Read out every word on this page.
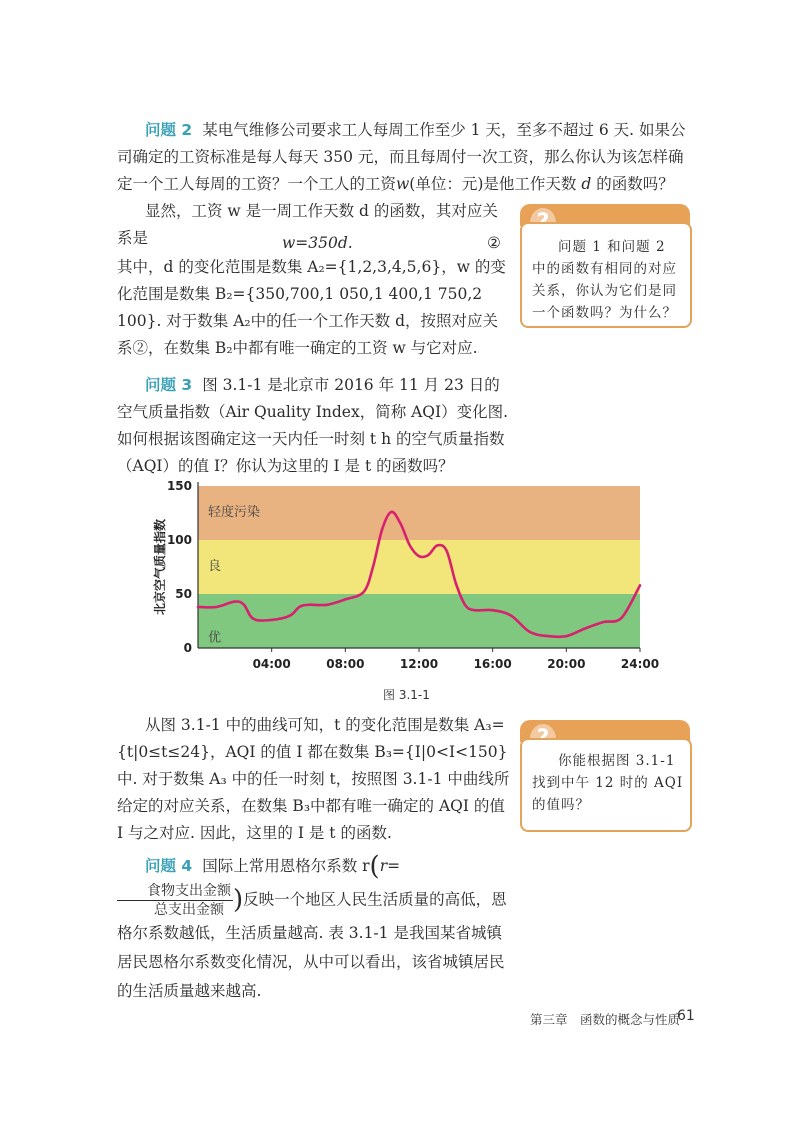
问题 2 某电气维修公司要求工人每周工作至少 1 天，至多不超过 6 天. 如果公司确定的工资标准是每人每天 350 元，而且每周付一次工资，那么你认为该怎样确定一个工人每周的工资？一个工人的工资w(单位：元)是他工作天数 d 的函数吗？

显然，工资 w 是一周工作天数 d 的函数，其对应关系是	w=350d.	②

其中，d 的变化范围是数集 A₂={1,2,3,4,5,6}，w 的变化范围是数集 B₂={350,700,1 050,1 400,1 750,2 100}. 对于数集 A₂中的任一个工作天数 d，按照对应关系②，在数集 B₂中都有唯一确定的工资 w 与它对应.

问题 1 和问题 2 中的函数有相同的对应关系，你认为它们是同一个函数吗？为什么？

问题 3 图 3.1-1 是北京市 2016 年 11 月 23 日的空气质量指数（Air Quality Index，简称 AQI）变化图. 如何根据该图确定这一天内任一时刻 t h 的空气质量指数（AQI）的值 I？你认为这里的 I 是 t 的函数吗？

优
良
轻度污染
0
50
100
150
04:00	08:00	12:00	16:00	20:00	24:00
北京空气质量指数
图 3.1-1

从图 3.1-1 中的曲线可知，t 的变化范围是数集 A₃={t|0≤t≤24}，AQI 的值 I 都在数集 B₃={I|0<I<150}中. 对于数集 A₃ 中的任一时刻 t，按照图 3.1-1 中曲线所给定的对应关系，在数集 B₃中都有唯一确定的 AQI 的值 I 与之对应. 因此，这里的 I 是 t 的函数.

你能根据图 3.1-1 找到中午 12 时的 AQI 的值吗？

问题 4 国际上常用恩格尔系数 r(r=
$\frac{\text{食物支出金额}}{\text{总支出金额}}$ )反映一个地区人民生活质量的高低，恩格尔系数越低，生活质量越高. 表 3.1-1 是我国某省城镇居民恩格尔系数变化情况，从中可以看出，该省城镇居民的生活质量越来越高.

第三章　函数的概念与性质
61
